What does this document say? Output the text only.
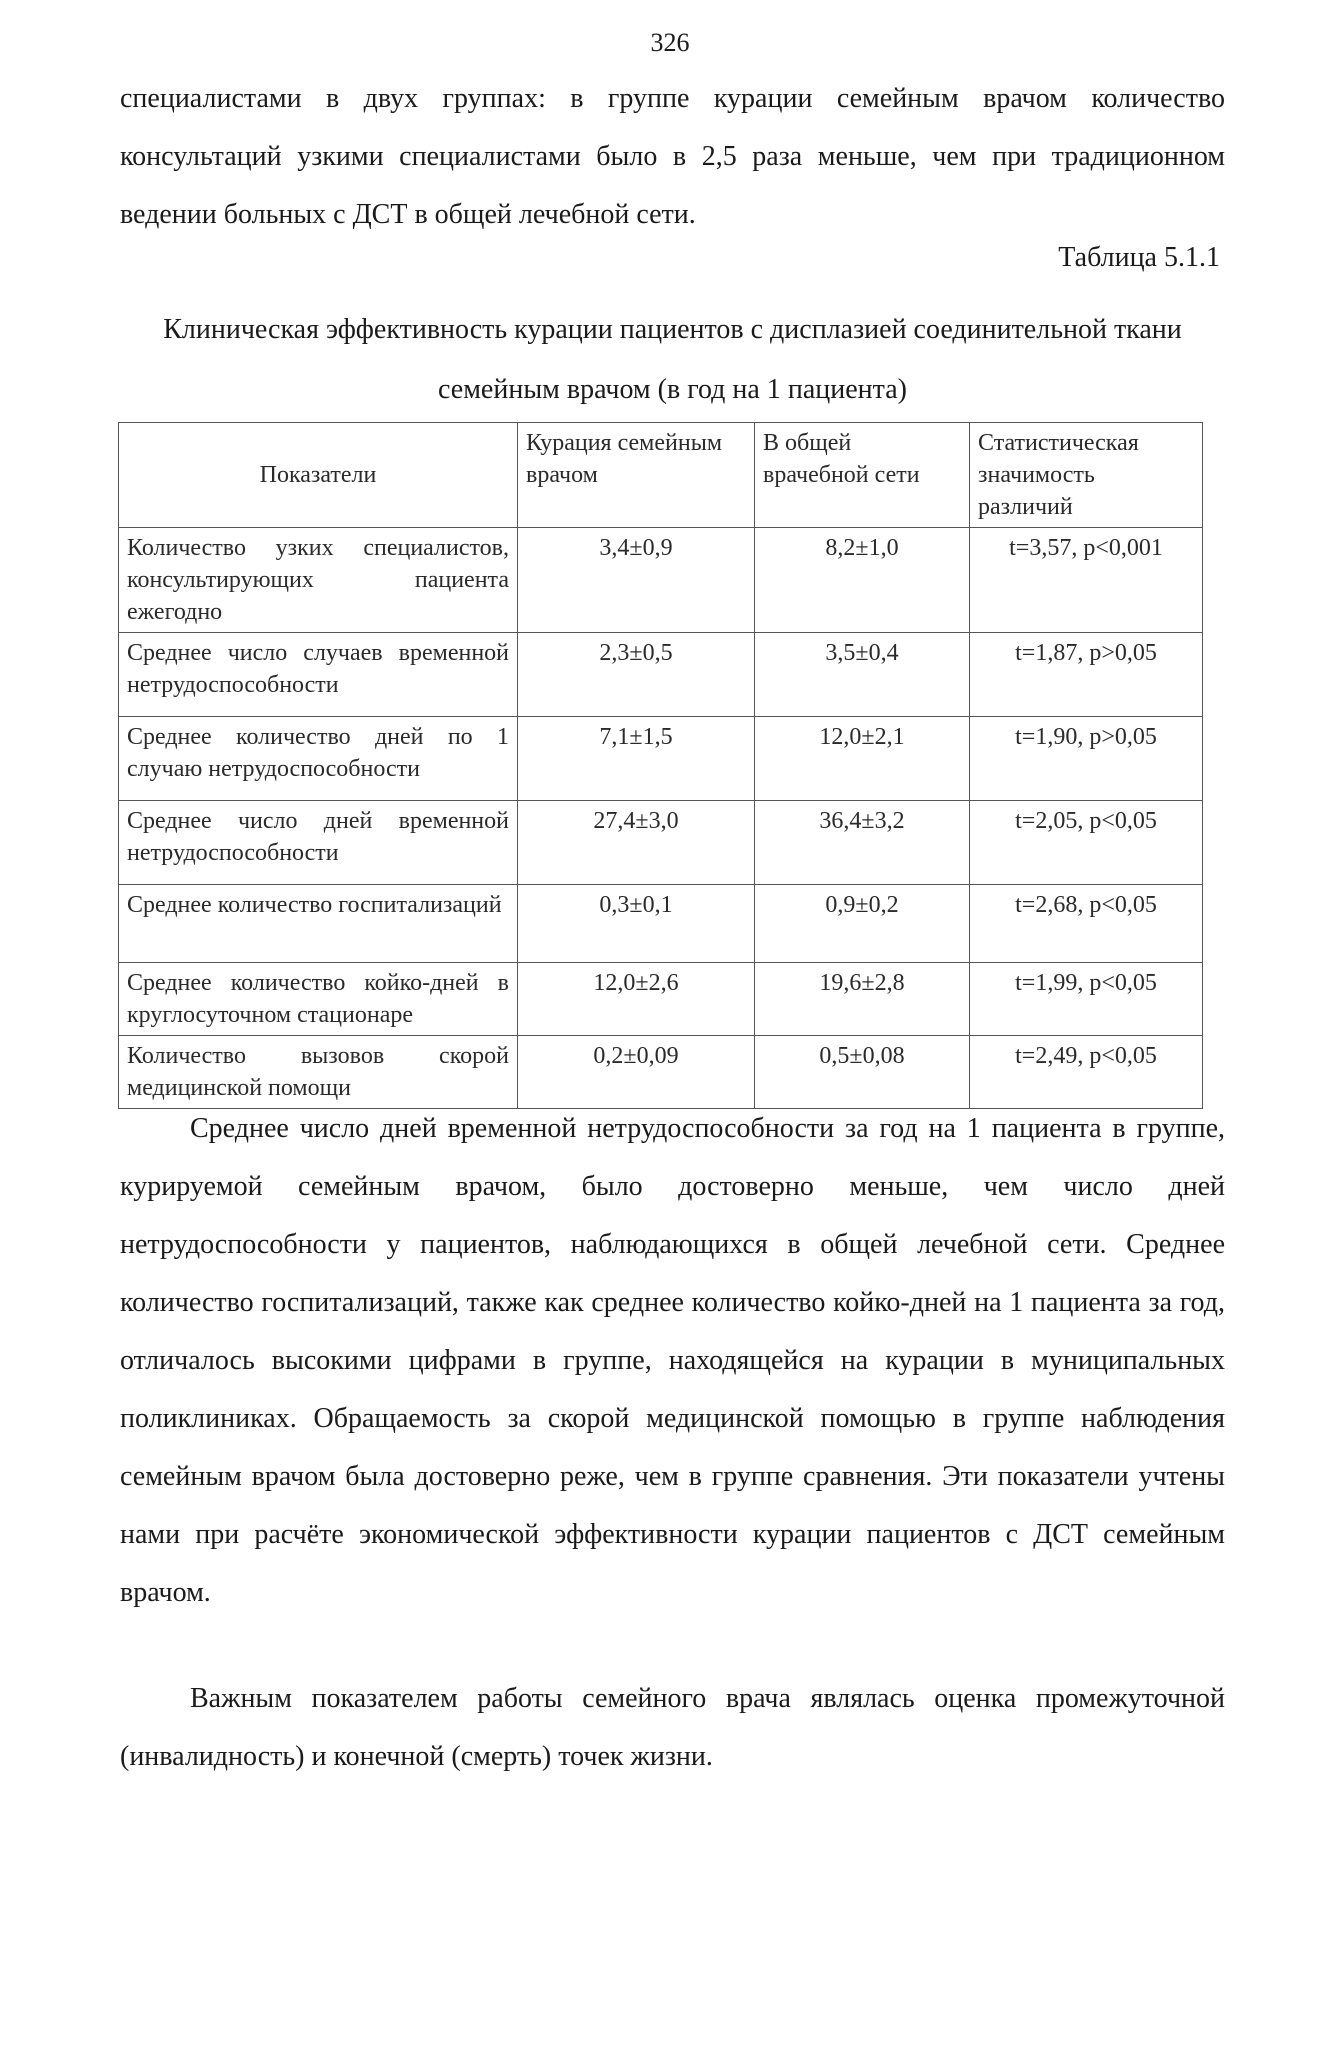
326

специалистами в двух группах: в группе курации семейным врачом количество консультаций узкими специалистами было в 2,5 раза меньше, чем при традиционном ведении больных с ДСТ в общей лечебной сети.

Таблица 5.1.1
Клиническая эффективность курации пациентов с дисплазией соединительной ткани семейным врачом (в год на 1 пациента)
Показатели	Курация семейным врачом	В общей врачебной сети	Статистическая значимость различий
Количество узких специалистов, консультирующих пациента ежегодно	3,4±0,9	8,2±1,0	t=3,57, p<0,001
Среднее число случаев временной нетрудоспособности	2,3±0,5	3,5±0,4	t=1,87, p>0,05
Среднее количество дней по 1 случаю нетрудоспособности	7,1±1,5	12,0±2,1	t=1,90, p>0,05
Среднее число дней временной нетрудоспособности	27,4±3,0	36,4±3,2	t=2,05, p<0,05
Среднее количество госпитализаций	0,3±0,1	0,9±0,2	t=2,68, p<0,05
Среднее количество койко-дней в круглосуточном стационаре	12,0±2,6	19,6±2,8	t=1,99, p<0,05
Количество вызовов скорой медицинской помощи	0,2±0,09	0,5±0,08	t=2,49, p<0,05

Среднее число дней временной нетрудоспособности за год на 1 пациента в группе, курируемой семейным врачом, было достоверно меньше, чем число дней нетрудоспособности у пациентов, наблюдающихся в общей лечебной сети. Среднее количество госпитализаций, также как среднее количество койко-дней на 1 пациента за год, отличалось высокими цифрами в группе, находящейся на курации в муниципальных поликлиниках. Обращаемость за скорой медицинской помощью в группе наблюдения семейным врачом была достоверно реже, чем в группе сравнения. Эти показатели учтены нами при расчёте экономической эффективности курации пациентов с ДСТ семейным врачом.

Важным показателем работы семейного врача являлась оценка промежуточной (инвалидность) и конечной (смерть) точек жизни.
